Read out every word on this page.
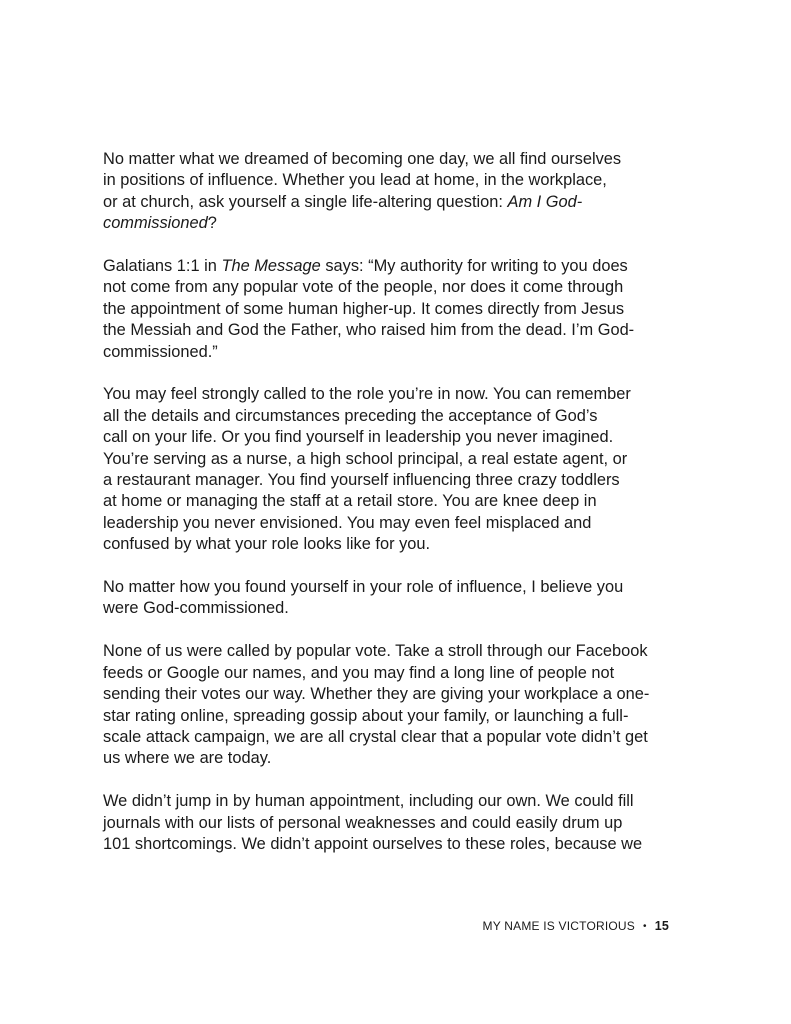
No matter what we dreamed of becoming one day, we all find ourselves
in positions of influence. Whether you lead at home, in the workplace,
or at church, ask yourself a single life-altering question: Am I God-
commissioned?

Galatians 1:1 in The Message says: “My authority for writing to you does
not come from any popular vote of the people, nor does it come through
the appointment of some human higher-up. It comes directly from Jesus
the Messiah and God the Father, who raised him from the dead. I’m God-
commissioned.”

You may feel strongly called to the role you’re in now. You can remember
all the details and circumstances preceding the acceptance of God’s
call on your life. Or you find yourself in leadership you never imagined.
You’re serving as a nurse, a high school principal, a real estate agent, or
a restaurant manager. You find yourself influencing three crazy toddlers
at home or managing the staff at a retail store. You are knee deep in
leadership you never envisioned. You may even feel misplaced and
confused by what your role looks like for you.

No matter how you found yourself in your role of influence, I believe you
were God-commissioned.

None of us were called by popular vote. Take a stroll through our Facebook
feeds or Google our names, and you may find a long line of people not
sending their votes our way. Whether they are giving your workplace a one-
star rating online, spreading gossip about your family, or launching a full-
scale attack campaign, we are all crystal clear that a popular vote didn’t get
us where we are today.

We didn’t jump in by human appointment, including our own. We could fill
journals with our lists of personal weaknesses and could easily drum up
101 shortcomings. We didn’t appoint ourselves to these roles, because we

MY NAME IS VICTORIOUS • 15
